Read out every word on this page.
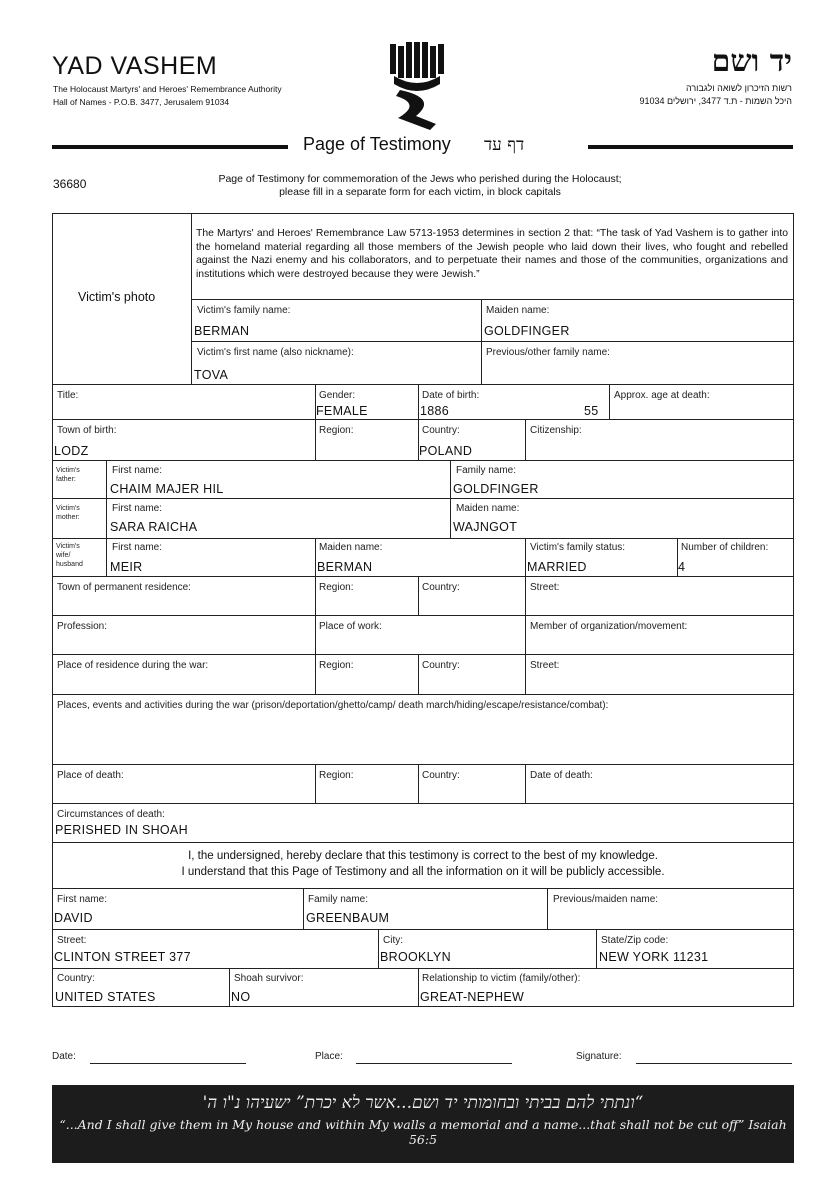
YAD VASHEM
The Holocaust Martyrs' and Heroes' Remembrance Authority
Hall of Names - P.O.B. 3477, Jerusalem 91034
יד ושם
רשות הזיכרון לשואה ולגבורה
היכל השמות - ת.ד 3477, ירושלים 91034
Page of Testimony דף עד
36680	Page of Testimony for commemoration of the Jews who perished during the Holocaust;
please fill in a separate form for each victim, in block capitals
Victim's photo
The Martyrs' and Heroes' Remembrance Law 5713-1953 determines in section 2 that: “The task of Yad Vashem is to gather into the homeland material regarding all those members of the Jewish people who laid down their lives, who fought and rebelled against the Nazi enemy and his collaborators, and to perpetuate their names and those of the communities, organizations and institutions which were destroyed because they were Jewish.”
Victim's family name:
BERMAN
Maiden name:
GOLDFINGER
Victim's first name (also nickname):
TOVA
Previous/other family name:
Title:	Gender:
FEMALE
Date of birth:
1886
Approx. age at death:
55
Town of birth:
LODZ
Region:	Country:
POLAND
Citizenship:
Victim's
father:
First name:
CHAIM MAJER HIL
Family name:
GOLDFINGER
Victim's
mother:
First name:
SARA RAICHA
Maiden name:
WAJNGOT
Victim's
wife/
husband
First name:
MEIR
Maiden name:
BERMAN
Victim's family status:
MARRIED
Number of children:
4
Town of permanent residence:	Region:	Country:	Street:
Profession:	Place of work:	Member of organization/movement:
Place of residence during the war:	Region:	Country:	Street:
Places, events and activities during the war (prison/deportation/ghetto/camp/ death march/hiding/escape/resistance/combat):
Place of death:	Region:	Country:	Date of death:
Circumstances of death:
PERISHED IN SHOAH
I, the undersigned, hereby declare that this testimony is correct to the best of my knowledge.
I understand that this Page of Testimony and all the information on it will be publicly accessible.
First name:
DAVID
Family name:
GREENBAUM
Previous/maiden name:
Street:
CLINTON STREET 377
City:
BROOKLYN
State/Zip code:
NEW YORK 11231
Country:
UNITED STATES
Shoah survivor:
NO
Relationship to victim (family/other):
GREAT-NEPHEW
Date:	Place:	Signature:
“ונתתי להם בביתי ובחומותי יד ושם...אשר לא יכרת” ישעיהו נ"ו ה'
“...And I shall give them in My house and within My walls a memorial and a name...that shall not be cut off” Isaiah 56:5
